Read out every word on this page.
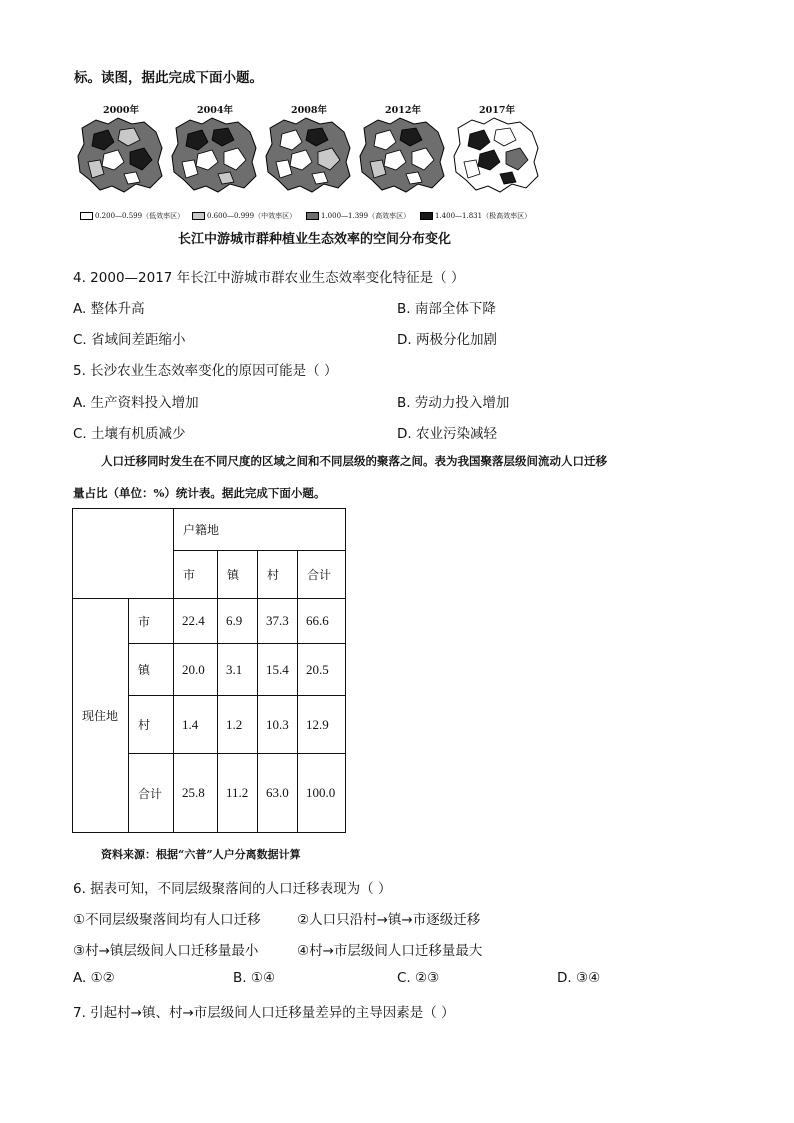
标。读图，据此完成下面小题。
2000年	2004年	2008年	2012年	2017年
0.200—0.599（低效率区）	0.600—0.999（中效率区）	1.000—1.399（高效率区）	1.400—1.831（极高效率区）
长江中游城市群种植业生态效率的空间分布变化
4. 2000—2017 年长江中游城市群农业生态效率变化特征是（ ）
A. 整体升高	B. 南部全体下降
C. 省域间差距缩小	D. 两极分化加剧
5. 长沙农业生态效率变化的原因可能是（ ）
A. 生产资料投入增加	B. 劳动力投入增加
C. 土壤有机质减少	D. 农业污染减轻
人口迁移同时发生在不同尺度的区域之间和不同层级的聚落之间。表为我国聚落层级间流动人口迁移
量占比（单位：%）统计表。据此完成下面小题。
		户籍地			
		市	镇	村	合计
现住地	市	22.4	6.9	37.3	66.6
	镇	20.0	3.1	15.4	20.5
	村	1.4	1.2	10.3	12.9
	合计	25.8	11.2	63.0	100.0
资料来源：根据“六普”人户分离数据计算
6. 据表可知，不同层级聚落间的人口迁移表现为（ ）
①不同层级聚落间均有人口迁移	②人口只沿村→镇→市逐级迁移
③村→镇层级间人口迁移量最小	④村→市层级间人口迁移量最大
A. ①②	B. ①④	C. ②③	D. ③④
7. 引起村→镇、村→市层级间人口迁移量差异的主导因素是（ ）
